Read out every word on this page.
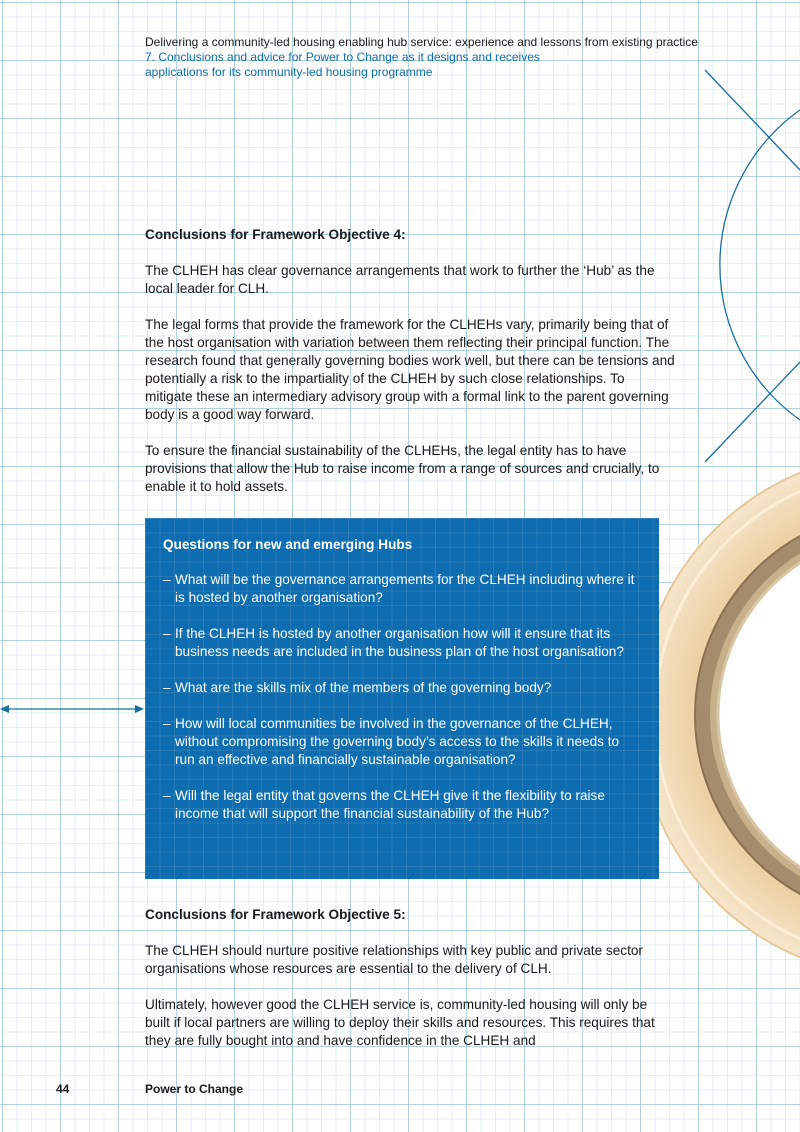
Delivering a community-led housing enabling hub service: experience and lessons from existing practice
7. Conclusions and advice for Power to Change as it designs and receives
applications for its community-led housing programme
Conclusions for Framework Objective 4:

The CLHEH has clear governance arrangements that work to further the ‘Hub’ as the local leader for CLH.

The legal forms that provide the framework for the CLHEHs vary, primarily being that of the host organisation with variation between them reflecting their principal function. The research found that generally governing bodies work well, but there can be tensions and potentially a risk to the impartiality of the CLHEH by such close relationships. To mitigate these an intermediary advisory group with a formal link to the parent governing body is a good way forward.

To ensure the financial sustainability of the CLHEHs, the legal entity has to have provisions that allow the Hub to raise income from a range of sources and crucially, to enable it to hold assets.

Questions for new and emerging Hubs
– What will be the governance arrangements for the CLHEH including where it is hosted by another organisation?
– If the CLHEH is hosted by another organisation how will it ensure that its business needs are included in the business plan of the host organisation?
– What are the skills mix of the members of the governing body?
– How will local communities be involved in the governance of the CLHEH, without compromising the governing body’s access to the skills it needs to run an effective and financially sustainable organisation?
– Will the legal entity that governs the CLHEH give it the flexibility to raise income that will support the financial sustainability of the Hub?
Conclusions for Framework Objective 5:

The CLHEH should nurture positive relationships with key public and private sector organisations whose resources are essential to the delivery of CLH.

Ultimately, however good the CLHEH service is, community-led housing will only be built if local partners are willing to deploy their skills and resources. This requires that they are fully bought into and have confidence in the CLHEH and

44	Power to Change
